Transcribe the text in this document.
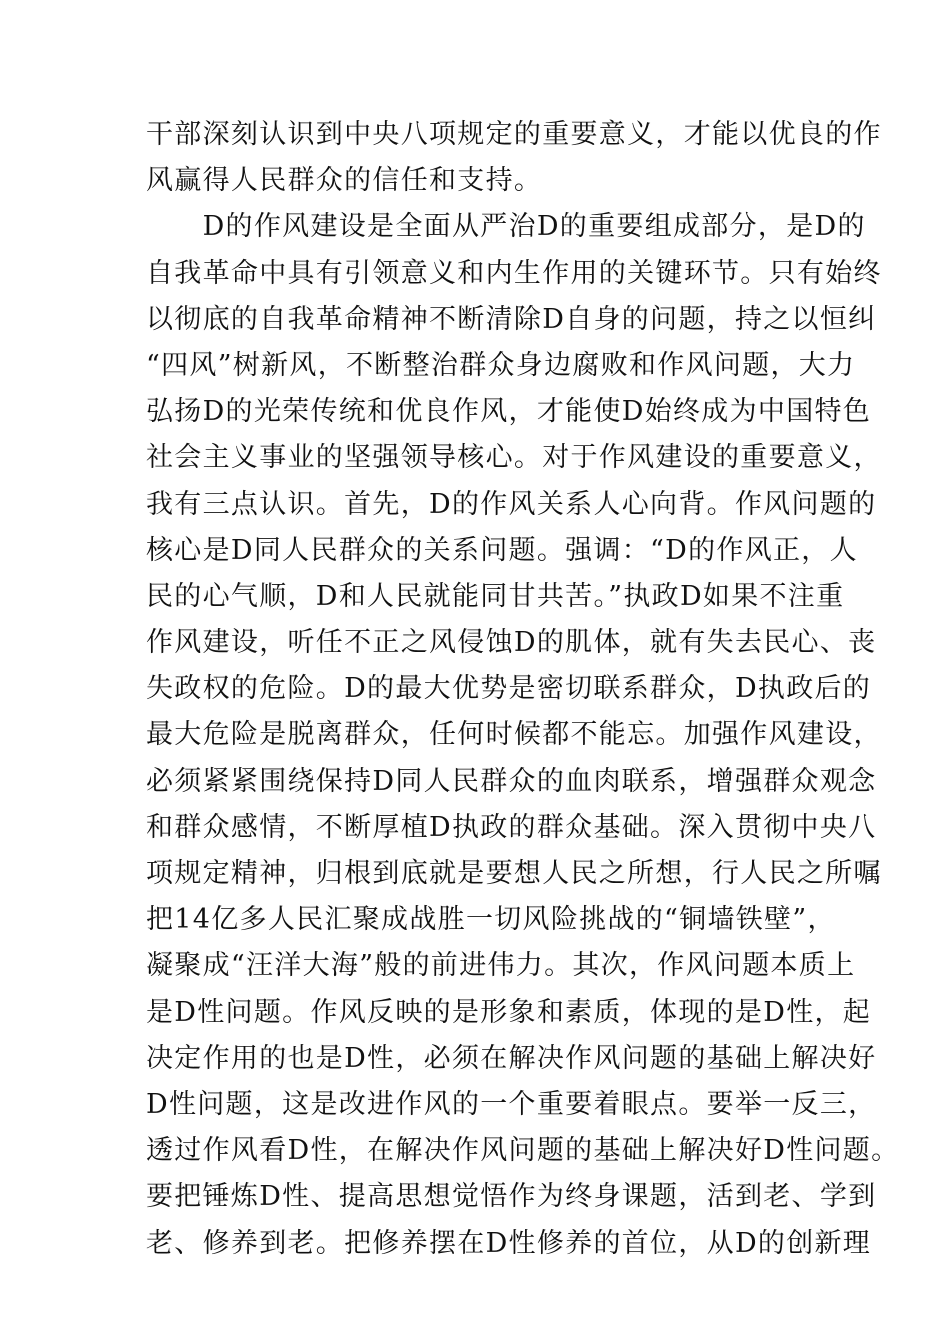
干部深刻认识到中央八项规定的重要意义，才能以优良的作
风赢得人民群众的信任和支持。
　　D的作风建设是全面从严治D的重要组成部分，是D的
自我革命中具有引领意义和内生作用的关键环节。只有始终
以彻底的自我革命精神不断清除D自身的问题，持之以恒纠
“四风”树新风，不断整治群众身边腐败和作风问题，大力
弘扬D的光荣传统和优良作风，才能使D始终成为中国特色
社会主义事业的坚强领导核心。对于作风建设的重要意义，
我有三点认识。首先，D的作风关系人心向背。作风问题的
核心是D同人民群众的关系问题。强调：“D的作风正，人
民的心气顺，D和人民就能同甘共苦。”执政D如果不注重
作风建设，听任不正之风侵蚀D的肌体，就有失去民心、丧
失政权的危险。D的最大优势是密切联系群众，D执政后的
最大危险是脱离群众，任何时候都不能忘。加强作风建设，
必须紧紧围绕保持D同人民群众的血肉联系，增强群众观念
和群众感情，不断厚植D执政的群众基础。深入贯彻中央八
项规定精神，归根到底就是要想人民之所想，行人民之所嘱
把14亿多人民汇聚成战胜一切风险挑战的“铜墙铁壁”，
凝聚成“汪洋大海”般的前进伟力。其次，作风问题本质上
是D性问题。作风反映的是形象和素质，体现的是D性，起
决定作用的也是D性，必须在解决作风问题的基础上解决好
D性问题，这是改进作风的一个重要着眼点。要举一反三，
透过作风看D性，在解决作风问题的基础上解决好D性问题。
要把锤炼D性、提高思想觉悟作为终身课题，活到老、学到
老、修养到老。把修养摆在D性修养的首位，从D的创新理
